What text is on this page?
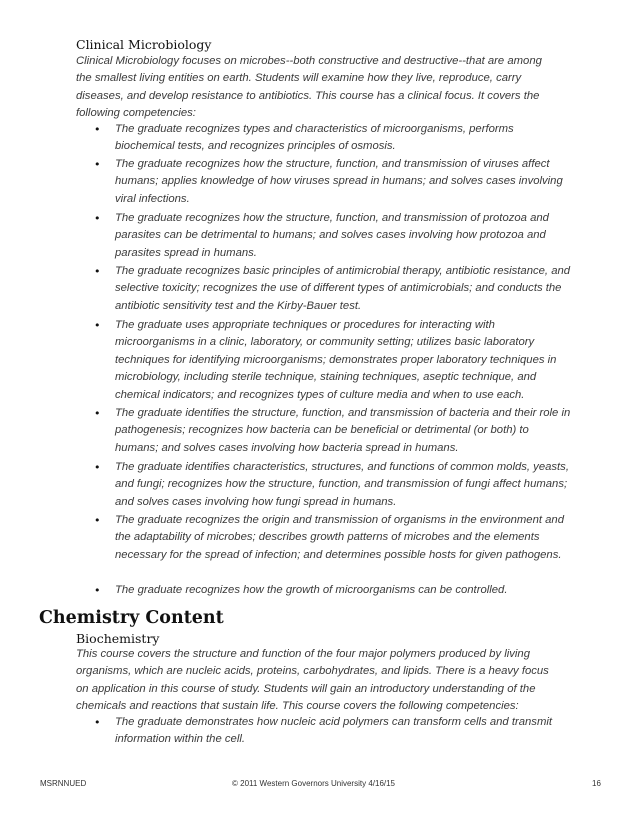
Clinical Microbiology

Clinical Microbiology focuses on microbes--both constructive and destructive--that are among the smallest living entities on earth. Students will examine how they live, reproduce, carry diseases, and develop resistance to antibiotics. This course has a clinical focus. It covers the following competencies:

• The graduate recognizes types and characteristics of microorganisms, performs biochemical tests, and recognizes principles of osmosis.
• The graduate recognizes how the structure, function, and transmission of viruses affect humans; applies knowledge of how viruses spread in humans; and solves cases involving viral infections.
• The graduate recognizes how the structure, function, and transmission of protozoa and parasites can be detrimental to humans; and solves cases involving how protozoa and parasites spread in humans.
• The graduate recognizes basic principles of antimicrobial therapy, antibiotic resistance, and selective toxicity; recognizes the use of different types of antimicrobials; and conducts the antibiotic sensitivity test and the Kirby-Bauer test.
• The graduate uses appropriate techniques or procedures for interacting with microorganisms in a clinic, laboratory, or community setting; utilizes basic laboratory techniques for identifying microorganisms; demonstrates proper laboratory techniques in microbiology, including sterile technique, staining techniques, aseptic technique, and chemical indicators; and recognizes types of culture media and when to use each.
• The graduate identifies the structure, function, and transmission of bacteria and their role in pathogenesis; recognizes how bacteria can be beneficial or detrimental (or both) to humans; and solves cases involving how bacteria spread in humans.
• The graduate identifies characteristics, structures, and functions of common molds, yeasts, and fungi; recognizes how the structure, function, and transmission of fungi affect humans; and solves cases involving how fungi spread in humans.
• The graduate recognizes the origin and transmission of organisms in the environment and the adaptability of microbes; describes growth patterns of microbes and the elements necessary for the spread of infection; and determines possible hosts for given pathogens.
• The graduate recognizes how the growth of microorganisms can be controlled.
Chemistry Content
Biochemistry

This course covers the structure and function of the four major polymers produced by living organisms, which are nucleic acids, proteins, carbohydrates, and lipids. There is a heavy focus on application in this course of study. Students will gain an introductory understanding of the chemicals and reactions that sustain life. This course covers the following competencies:

• The graduate demonstrates how nucleic acid polymers can transform cells and transmit information within the cell.
MSRNNUED	© 2011 Western Governors University 4/16/15	16
